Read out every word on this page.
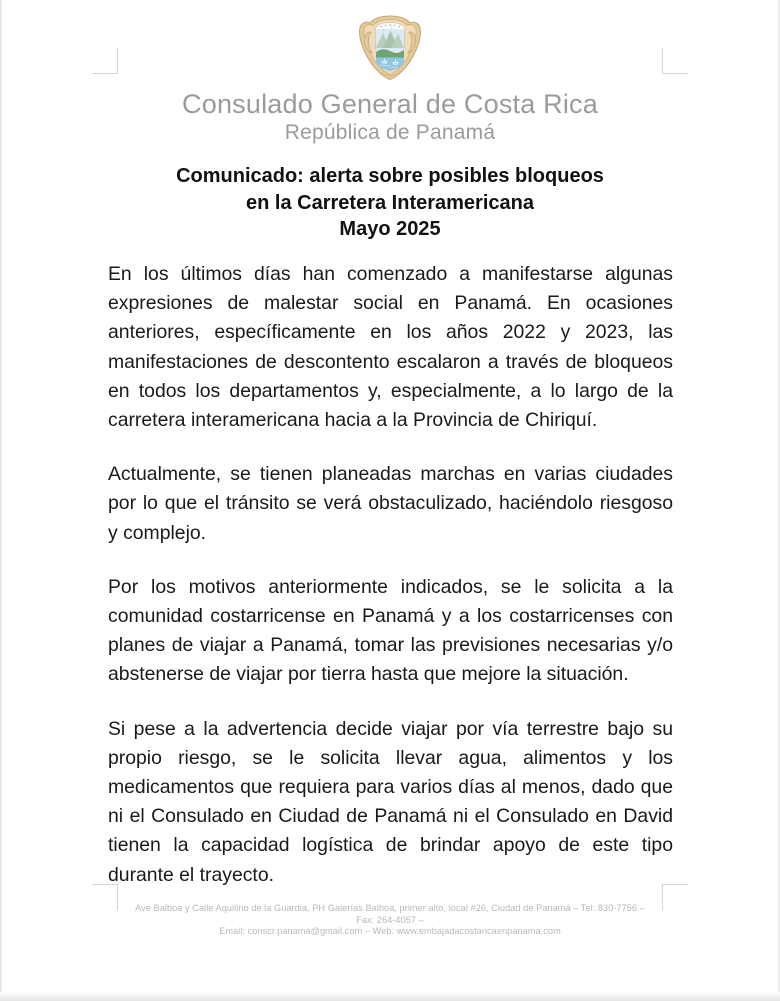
Consulado General de Costa Rica
República de Panamá
Comunicado: alerta sobre posibles bloqueos
en la Carretera Interamericana
Mayo 2025

En los últimos días han comenzado a manifestarse algunas expresiones de malestar social en Panamá. En ocasiones anteriores, específicamente en los años 2022 y 2023, las manifestaciones de descontento escalaron a través de bloqueos en todos los departamentos y, especialmente, a lo largo de la carretera interamericana hacia a la Provincia de Chiriquí.

Actualmente, se tienen planeadas marchas en varias ciudades por lo que el tránsito se verá obstaculizado, haciéndolo riesgoso y complejo.

Por los motivos anteriormente indicados, se le solicita a la comunidad costarricense en Panamá y a los costarricenses con planes de viajar a Panamá, tomar las previsiones necesarias y/o abstenerse de viajar por tierra hasta que mejore la situación.

Si pese a la advertencia decide viajar por vía terrestre bajo su propio riesgo, se le solicita llevar agua, alimentos y los medicamentos que requiera para varios días al menos, dado que ni el Consulado en Ciudad de Panamá ni el Consulado en David tienen la capacidad logística de brindar apoyo de este tipo durante el trayecto.

Ave Balboa y Calle Aquilino de la Guardia, PH Galerías Balboa, primer alto, local #26, Ciudad de Panamá – Tel: 830-7756 –
Fax: 264-4057 –
Email: conscr.panama@gmail.com – Web: www.embajadacostaricaenpanama.com
